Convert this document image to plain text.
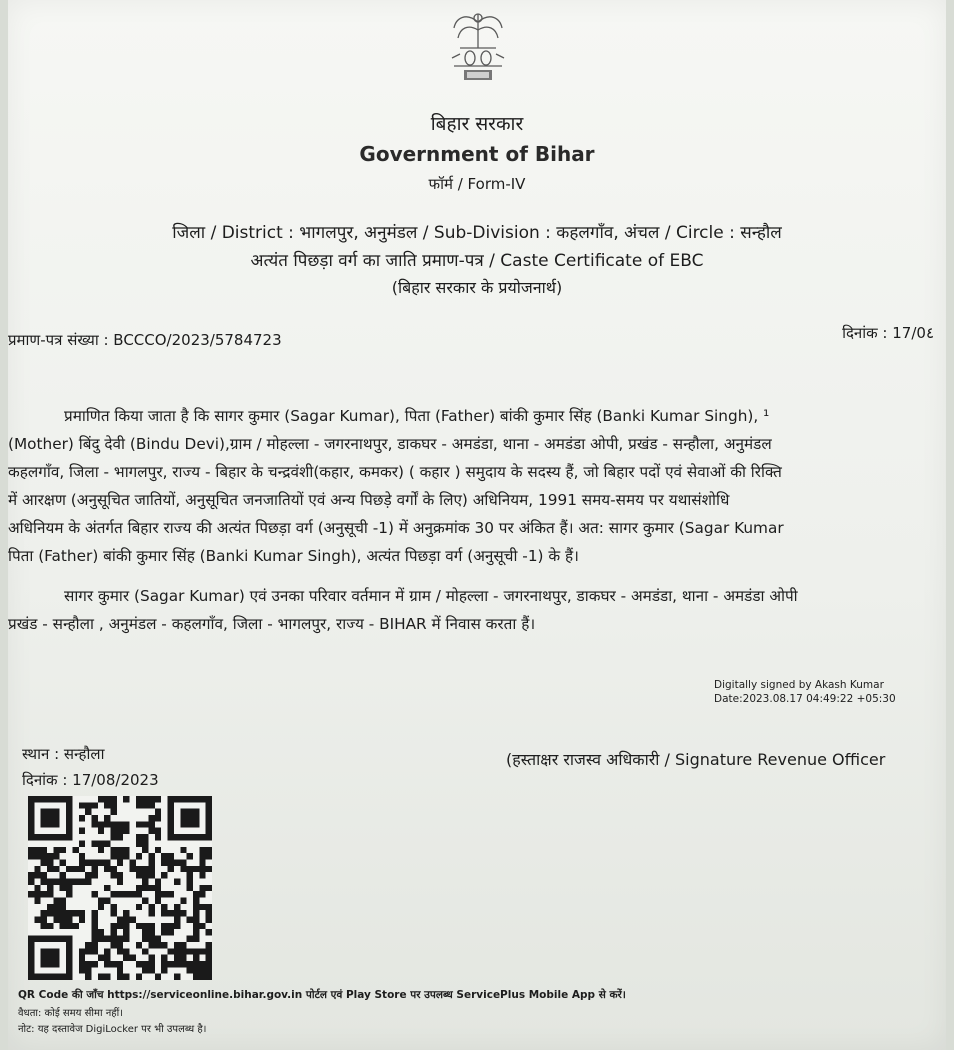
बिहार सरकार
Government of Bihar
फॉर्म / Form-IV
जिला / District : भागलपुर, अनुमंडल / Sub-Division : कहलगाँव, अंचल / Circle : सन्हौल
अत्यंत पिछड़ा वर्ग का जाति प्रमाण-पत्र / Caste Certificate of EBC
(बिहार सरकार के प्रयोजनार्थ)
प्रमाण-पत्र संख्या : BCCCO/2023/5784723	दिनांक : 17/0٤
प्रमाणित किया जाता है कि सागर कुमार (Sagar Kumar), पिता (Father) बांकी कुमार सिंह (Banki Kumar Singh), ¹
(Mother) बिंदु देवी (Bindu Devi),ग्राम / मोहल्ला - जगरनाथपुर, डाकघर - अमडंडा, थाना - अमडंडा ओपी, प्रखंड - सन्हौला, अनुमंडल
कहलगाँव, जिला - भागलपुर, राज्य - बिहार के चन्द्रवंशी(कहार, कमकर) ( कहार ) समुदाय के सदस्य हैं, जो बिहार पदों एवं सेवाओं की रिक्ति
में आरक्षण (अनुसूचित जातियों, अनुसूचित जनजातियों एवं अन्य पिछड़े वर्गों के लिए) अधिनियम, 1991 समय-समय पर यथासंशोधि
अधिनियम के अंतर्गत बिहार राज्य की अत्यंत पिछड़ा वर्ग (अनुसूची -1) में अनुक्रमांक 30 पर अंकित हैं। अत: सागर कुमार (Sagar Kumar
पिता (Father) बांकी कुमार सिंह (Banki Kumar Singh), अत्यंत पिछड़ा वर्ग (अनुसूची -1) के हैं।
सागर कुमार (Sagar Kumar) एवं उनका परिवार वर्तमान में ग्राम / मोहल्ला - जगरनाथपुर, डाकघर - अमडंडा, थाना - अमडंडा ओपी
प्रखंड - सन्हौला , अनुमंडल - कहलगाँव, जिला - भागलपुर, राज्य - BIHAR में निवास करता हैं।
Digitally signed by Akash Kumar
Date:2023.08.17 04:49:22 +05:30
स्थान : सन्हौला
दिनांक : 17/08/2023
(हस्ताक्षर राजस्व अधिकारी / Signature Revenue Officer
QR Code की जाँच https://serviceonline.bihar.gov.in पोर्टल एवं Play Store पर उपलब्ध ServicePlus Mobile App से करें।
वैधता: कोई समय सीमा नहीं।
नोट: यह दस्तावेज DigiLocker पर भी उपलब्ध है।
